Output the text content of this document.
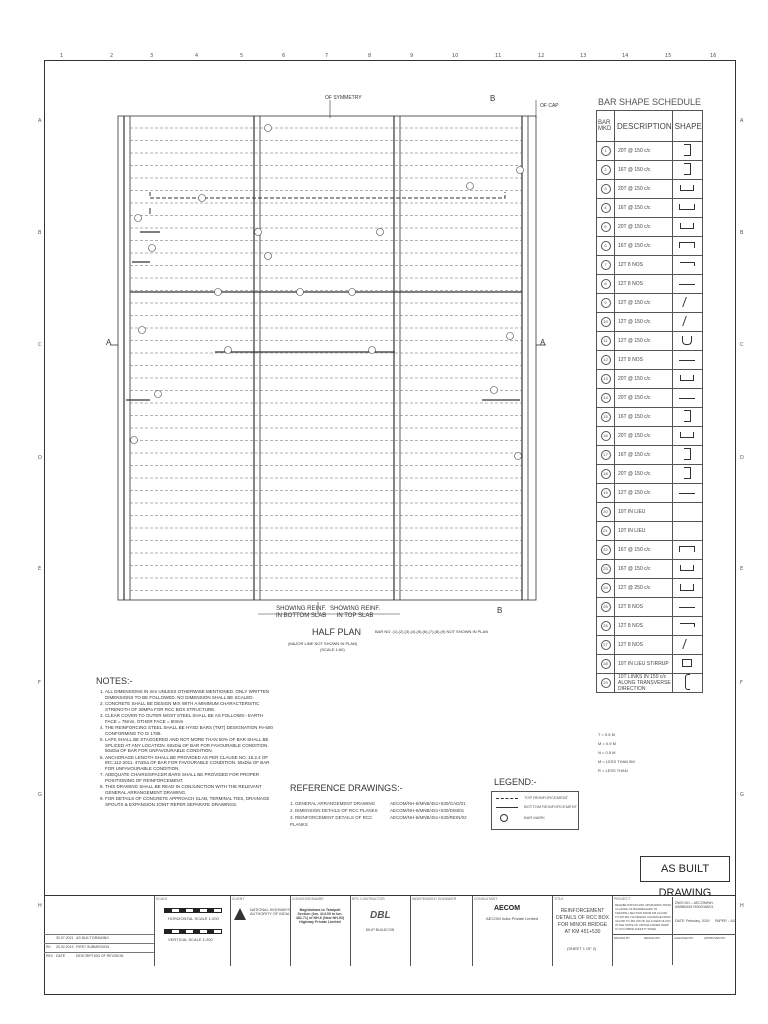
1	2	3	4	5	6	7	8	9	10	11	12	13	14	15	16
A
B
C
D
E
F
G
H
A
B
C
D
E
F
G
H
OF SYMMETRY	B
OF CAP
A	A
B
SHOWING REINF.
IN BOTTOM SLAB
SHOWING REINF.
IN TOP SLAB
HALF PLAN
(MAJOR LINE NOT SHOWN IN PLAN)
(SCALE 1:60)
BAR NO. (1),(2),(3),(4),(5),(6),(7),(8),(9) NOT SHOWN IN PLAN
BAR SHAPE SCHEDULE
BAR MKD	DESCRIPTION	SHAPE
1	20T @ 150 c/c	
2	16T @ 150 c/c	
3	20T @ 150 c/c	
4	16T @ 150 c/c	
5	20T @ 150 c/c	
6	16T @ 150 c/c	
7	12T 8 NOS	
8	12T 8 NOS	
9	12T @ 150 c/c	
10	12T @ 150 c/c	
11	12T @ 150 c/c	
12	12T 8 NOS	
13	20T @ 150 c/c	
14	20T @ 150 c/c	
15	16T @ 150 c/c	
16	20T @ 150 c/c	
17	16T @ 150 c/c	
18	20T @ 150 c/c	
19	12T @ 150 c/c	
20	10T IN LIEU	
21	10T IN LIEU	
22	16T @ 150 c/c	
23	16T @ 150 c/c	
24	12T @ 250 c/c	
25	12T 8 NOS	
26	12T 8 NOS	
27	12T 8 NOS	
28	10T IN LIEU STIRRUP	
29	10T LINKS IN 150 c/c ALONG TRANSVERSE DIRECTION	
T = 0.5 M
M = 0.9 M
N = 0.5 M
M = LESS THAN 5M
R = LESS THAN
NOTES:-
1. ALL DIMENSIONS IN mm UNLESS OTHERWISE MENTIONED. ONLY WRITTEN DIMENSIONS TO BE FOLLOWED. NO DIMENSION SHALL BE SCALED.
2. CONCRETE SHALL BE DESIGN MIX WITH A MINIMUM CHARACTERISTIC STRENGTH OF 30MPa FOR RCC BOX STRUCTURE.
3. CLEAR COVER TO OUTER MOST STEEL SHALL BE AS FOLLOWS:- EARTH FACE = 75mm, OTHER FACE = 50mm
4. THE REINFORCING STEEL SHALL BE HYSD BARS (TMT) DESIGNATION Fe-500 CONFORMING TO IS 1786.
5. LAPS SHALL BE STAGGERED AND NOT MORE THAN 50% OF BAR SHALL BE SPLICED AT ANY LOCATION. 60xDia OF BAR FOR FAVOURABLE CONDITION. 50xDia OF BAR FOR UNFAVOURABLE CONDITION.
6. ANCHORAGE LENGTH SHALL BE PROVIDED AS PER CLAUSE NO. 16.2.4 OF IRC:112-2011. 47xDia OF BAR FOR FAVOURABLE CONDITION. 55xDia OF BAR FOR UNFAVOURABLE CONDITION.
7. ADEQUATE CHAIRS/SPACER BARS SHALL BE PROVIDED FOR PROPER POSITIONING OF REINFORCEMENT.
8. THIS DRAWING SHALL BE READ IN CONJUNCTION WITH THE RELEVANT GENERAL ARRANGEMENT DRAWING.
9. FOR DETAILS OF CONCRETE APPROACH SLAB, TERMINAL TIES, DRAINAGE SPOUTS & EXPANSION JOINT REFER SEPARATE DRAWINGS.
REFERENCE DRAWINGS:-
1. GENERAL ARRANGEMENT DRAWING	AECOM/NH-6/MNB/451+530/GAD/01
2. DIMENSION DETAILS OF RCC PLANKS	AECOM/NH-6/MNB/451+530/DIM/01
3. REINFORCEMENT DETAILS OF RCC PLANKS
AECOM/NH-6/MNB/451+530/REIN/02
LEGEND:-
TOP REINFORCEMENT
BOTTOM REINFORCEMENT
BAR MARK
AS BUILT DRAWING
30.07.2021 AS BUILT DRAWING
R0 20.02.2019 FIRST SUBMISSION
REV DATE	DESCRIPTION OF REVISION
SCALE
HORIZONTAL SCALE 1:200
VERTICAL SCALE 1:200
CLIENT
NATIONAL HIGHWAYS AUTHORITY OF INDIA
CONCESSIONAIRE
Baghbahara to Taraipali Section (km. 414.00 to km. 481.71) of NH-6 (New NH-53) Highway Private Limited
EPC CONTRACTOR
DBL
DILIP BUILDCON
INDEPENDENT ENGINEER	CONSULTANT
AECOM
AECOM India Private Limited
TITLE
REINFORCEMENT DETAILS OF RCC BOX FOR MINOR BRIDGE AT KM 451+530
(SHEET 1 OF 2)
PROJECT
REHABILITATION AND UPGRADING FROM 4-LANING OF BAGHBAHARA TO TARAIPALI SECTION FROM KM 414.000 TO KM 481.710 DESIGN CHAINAGE FROM 414.000 TO 481.700 OF NH-6 (NEW NH-53) IN THE STATE OF ODISHA UNDER NHDP IV ON HYBRID ANNUITY MODE
DWG NO.:- AECOM/NH-6/MNB/451+530/SUB/01
DATE: February, 2019 PAPER :- A2
DRAWN BY	DESIGN BY	CHECKED BY	APPROVED BY
